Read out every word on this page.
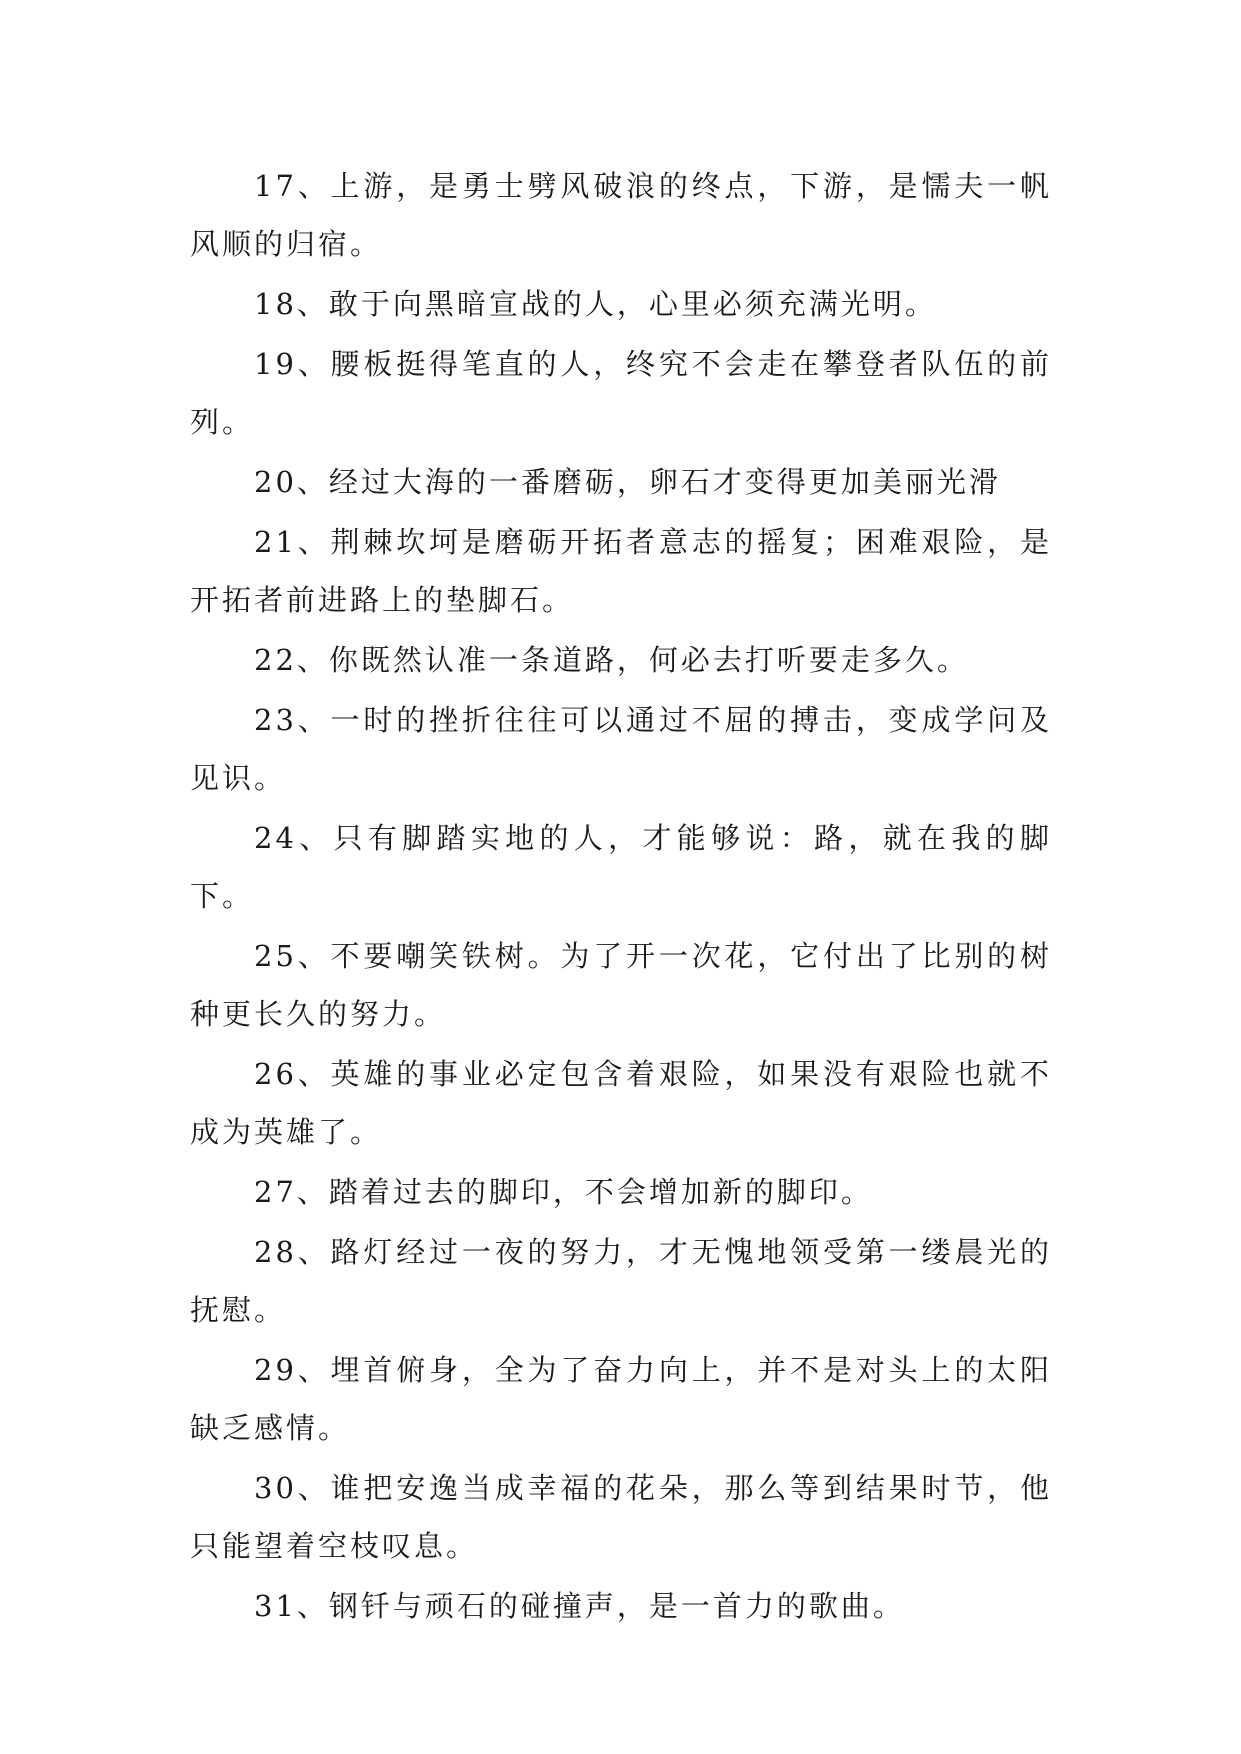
17、上游，是勇士劈风破浪的终点，下游，是懦夫一帆风顺的归宿。

18、敢于向黑暗宣战的人，心里必须充满光明。

19、腰板挺得笔直的人，终究不会走在攀登者队伍的前列。

20、经过大海的一番磨砺，卵石才变得更加美丽光滑

21、荆棘坎坷是磨砺开拓者意志的摇复；困难艰险，是开拓者前进路上的垫脚石。

22、你既然认准一条道路，何必去打听要走多久。

23、一时的挫折往往可以通过不屈的搏击，变成学问及见识。

24、只有脚踏实地的人，才能够说：路，就在我的脚下。

25、不要嘲笑铁树。为了开一次花，它付出了比别的树种更长久的努力。

26、英雄的事业必定包含着艰险，如果没有艰险也就不成为英雄了。

27、踏着过去的脚印，不会增加新的脚印。

28、路灯经过一夜的努力，才无愧地领受第一缕晨光的抚慰。

29、埋首俯身，全为了奋力向上，并不是对头上的太阳缺乏感情。

30、谁把安逸当成幸福的花朵，那么等到结果时节，他只能望着空枝叹息。

31、钢钎与顽石的碰撞声，是一首力的歌曲。
